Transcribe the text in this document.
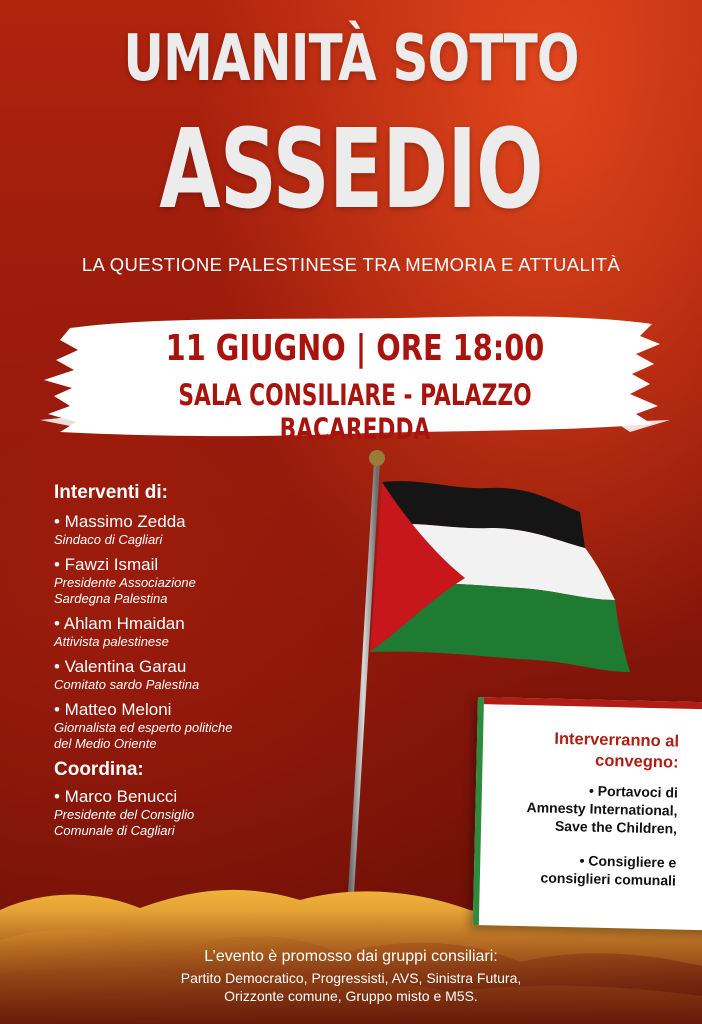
UMANITÀ SOTTO
ASSEDIO
LA QUESTIONE PALESTINESE TRA MEMORIA E ATTUALITÀ
11 GIUGNO | ORE 18:00
SALA CONSILIARE - PALAZZO BACAREDDA
Interventi di:
• Massimo Zedda
Sindaco di Cagliari
• Fawzi Ismail
Presidente Associazione
Sardegna Palestina
• Ahlam Hmaidan
Attivista palestinese
• Valentina Garau
Comitato sardo Palestina
• Matteo Meloni
Giornalista ed esperto politiche
del Medio Oriente
Coordina:
• Marco Benucci
Presidente del Consiglio
Comunale di Cagliari
Interverranno al
convegno:
• Portavoci di
Amnesty International,
Save the Children,
• Consigliere e
consiglieri comunali
L’evento è promosso dai gruppi consiliari:
Partito Democratico, Progressisti, AVS, Sinistra Futura,
Orizzonte comune, Gruppo misto e M5S.
